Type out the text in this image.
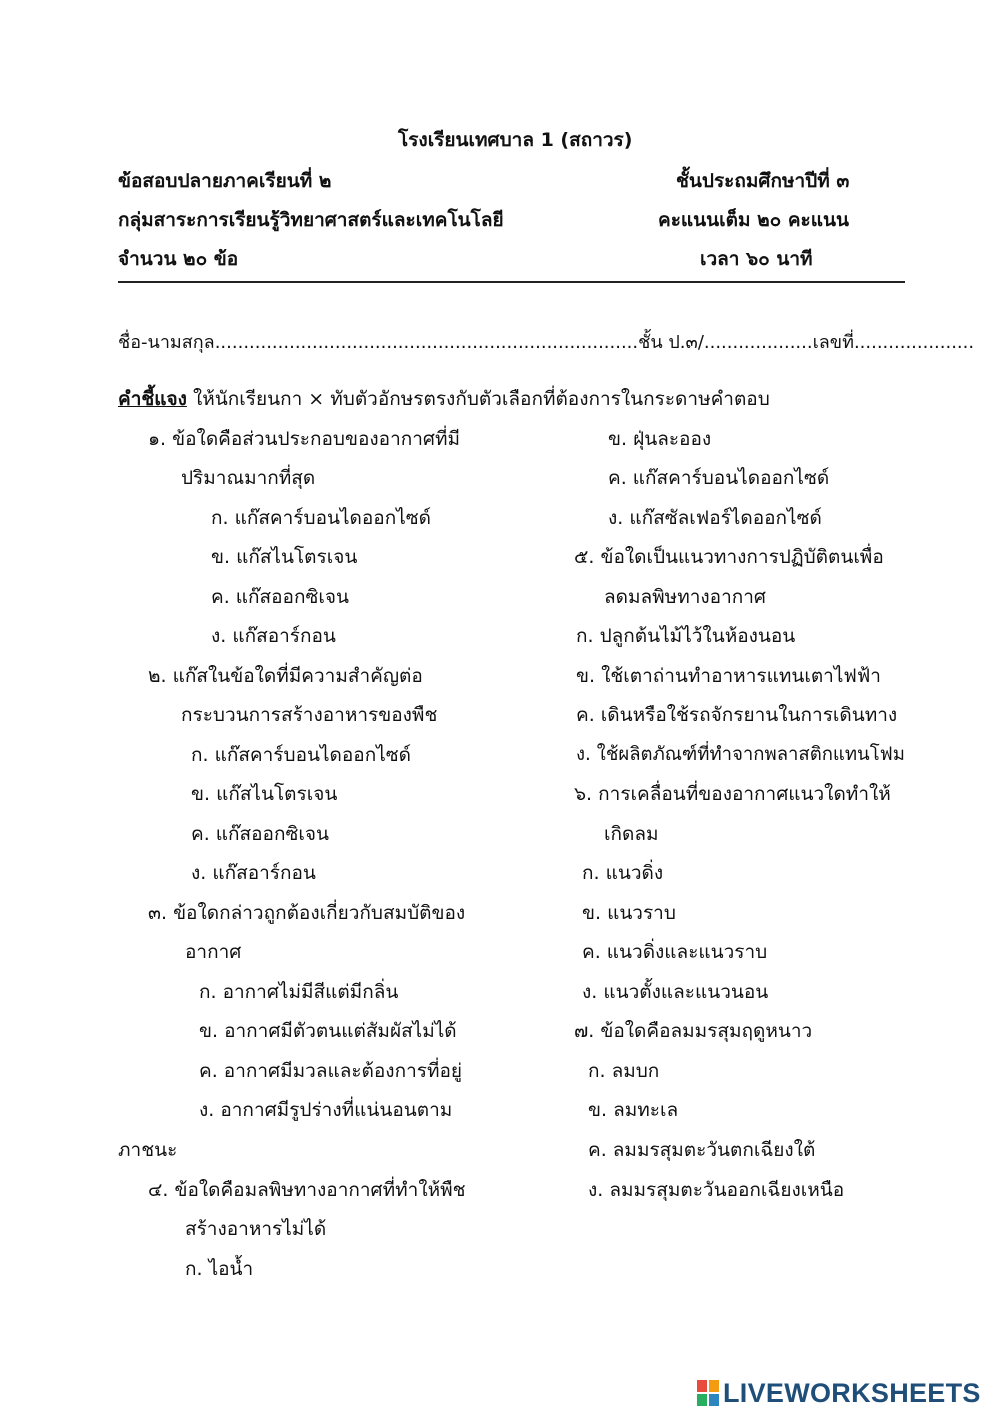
โรงเรียนเทศบาล 1 (สถาวร)
ข้อสอบปลายภาคเรียนที่ ๒	ชั้นประถมศึกษาปีที่ ๓
กลุ่มสาระการเรียนรู้วิทยาศาสตร์และเทคโนโลยี	คะแนนเต็ม ๒๐ คะแนน
จำนวน ๒๐ ข้อ	เวลา ๖๐ นาที
ชื่อ-นามสกุล..........................................................................ชั้น ป.๓/...................เลขที่.....................
คำชี้แจง ให้นักเรียนกา × ทับตัวอักษรตรงกับตัวเลือกที่ต้องการในกระดาษคำตอบ
๑. ข้อใดคือส่วนประกอบของอากาศที่มี
ปริมาณมากที่สุด
ก. แก๊สคาร์บอนไดออกไซด์
ข. แก๊สไนโตรเจน
ค. แก๊สออกซิเจน
ง. แก๊สอาร์กอน
๒. แก๊สในข้อใดที่มีความสำคัญต่อ
กระบวนการสร้างอาหารของพืช
ก. แก๊สคาร์บอนไดออกไซด์
ข. แก๊สไนโตรเจน
ค. แก๊สออกซิเจน
ง. แก๊สอาร์กอน
๓. ข้อใดกล่าวถูกต้องเกี่ยวกับสมบัติของ
อากาศ
ก. อากาศไม่มีสีแต่มีกลิ่น
ข. อากาศมีตัวตนแต่สัมผัสไม่ได้
ค. อากาศมีมวลและต้องการที่อยู่
ง. อากาศมีรูปร่างที่แน่นอนตาม
ภาชนะ
๔. ข้อใดคือมลพิษทางอากาศที่ทำให้พืช
สร้างอาหารไม่ได้
ก. ไอน้ำ
ข. ฝุ่นละออง
ค. แก๊สคาร์บอนไดออกไซด์
ง. แก๊สซัลเฟอร์ไดออกไซด์
๕. ข้อใดเป็นแนวทางการปฏิบัติตนเพื่อ
ลดมลพิษทางอากาศ
ก. ปลูกต้นไม้ไว้ในห้องนอน
ข. ใช้เตาถ่านทำอาหารแทนเตาไฟฟ้า
ค. เดินหรือใช้รถจักรยานในการเดินทาง
ง. ใช้ผลิตภัณฑ์ที่ทำจากพลาสติกแทนโฟม
๖. การเคลื่อนที่ของอากาศแนวใดทำให้
เกิดลม
ก. แนวดิ่ง
ข. แนวราบ
ค. แนวดิ่งและแนวราบ
ง. แนวตั้งและแนวนอน
๗. ข้อใดคือลมมรสุมฤดูหนาว
ก. ลมบก
ข. ลมทะเล
ค. ลมมรสุมตะวันตกเฉียงใต้
ง. ลมมรสุมตะวันออกเฉียงเหนือ
LIVEWORKSHEETS
